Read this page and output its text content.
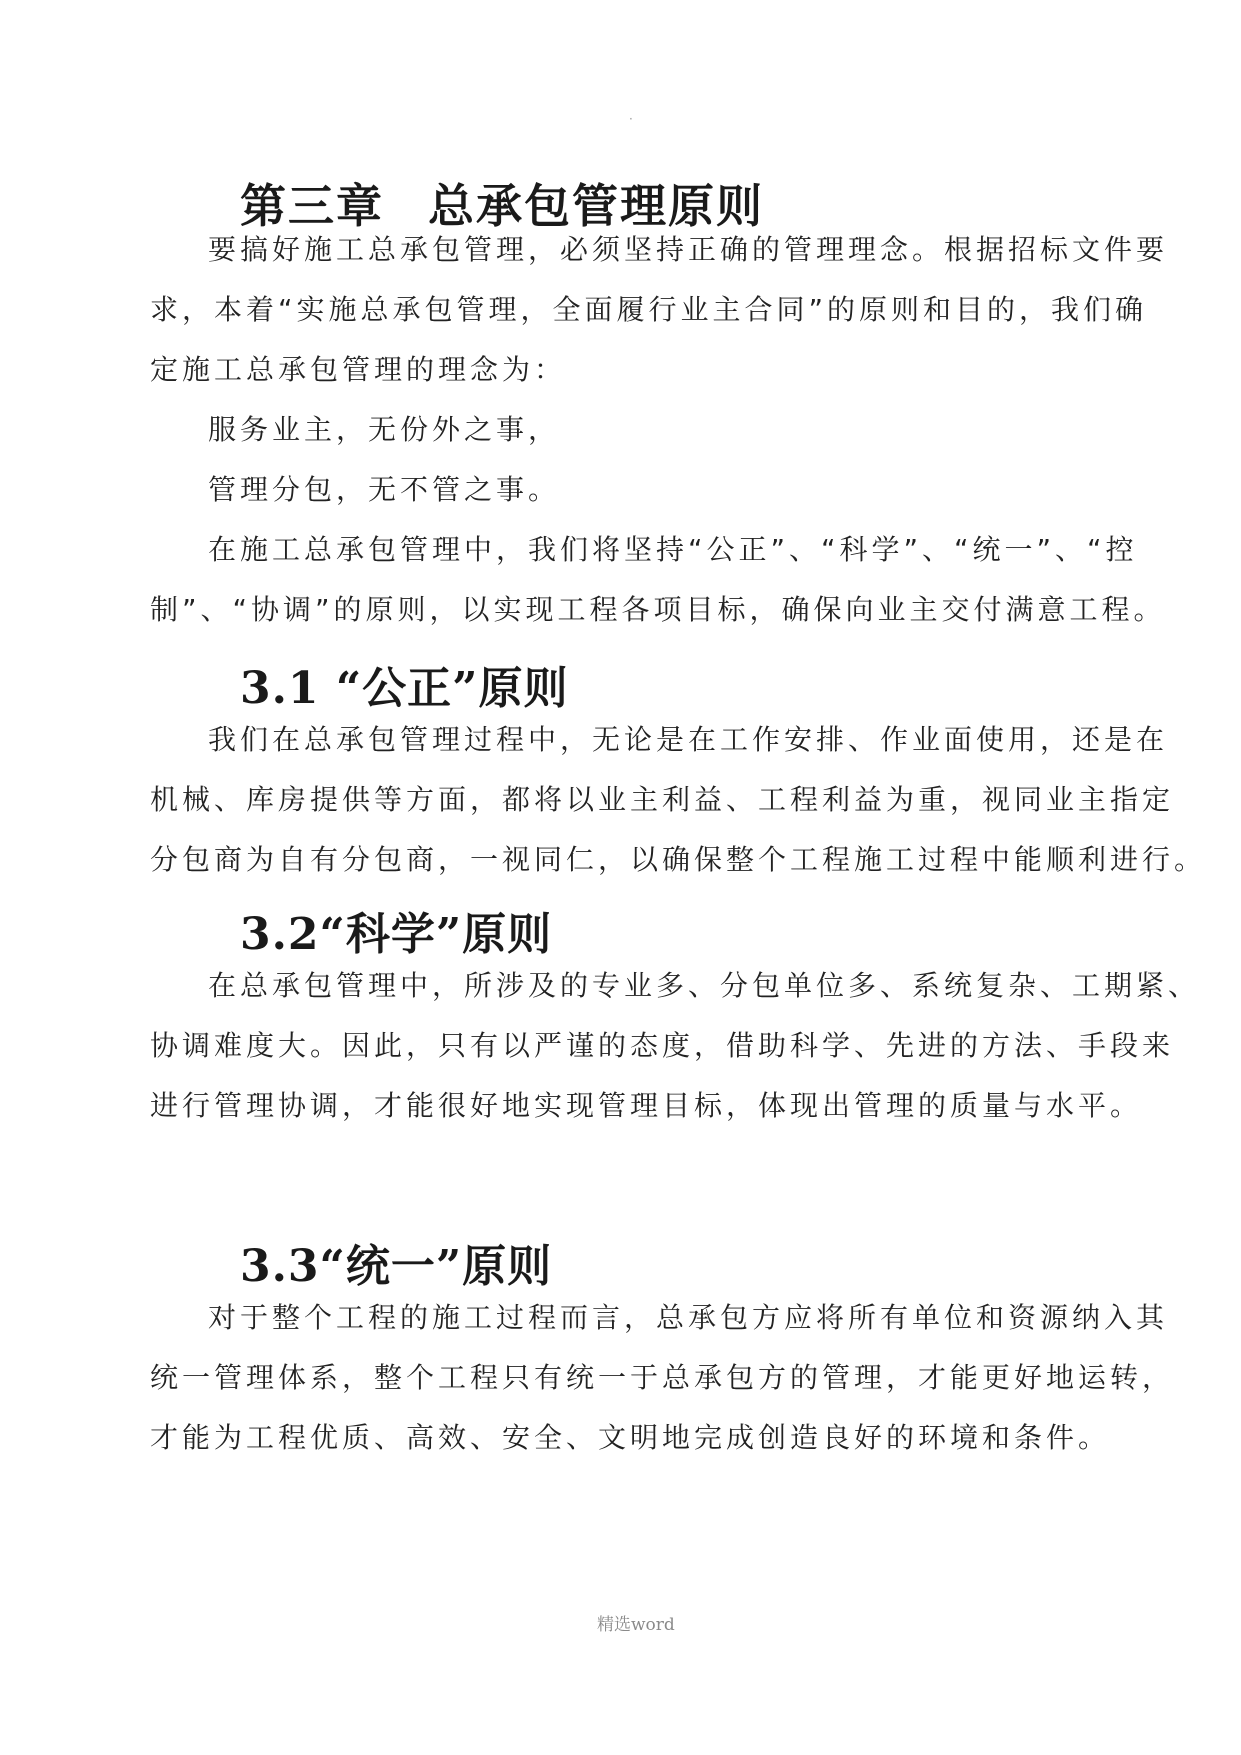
·
第三章 总承包管理原则
要搞好施工总承包管理，必须坚持正确的管理理念。根据招标文件要
求，本着“实施总承包管理，全面履行业主合同”的原则和目的，我们确
定施工总承包管理的理念为：
服务业主，无份外之事，
管理分包，无不管之事。
在施工总承包管理中，我们将坚持“公正”、“科学”、“统一”、“控
制”、“协调”的原则，以实现工程各项目标，确保向业主交付满意工程。
3.1 “公正”原则
我们在总承包管理过程中，无论是在工作安排、作业面使用，还是在
机械、库房提供等方面，都将以业主利益、工程利益为重，视同业主指定
分包商为自有分包商，一视同仁，以确保整个工程施工过程中能顺利进行。
3.2“科学”原则
在总承包管理中，所涉及的专业多、分包单位多、系统复杂、工期紧、
协调难度大。因此，只有以严谨的态度，借助科学、先进的方法、手段来
进行管理协调，才能很好地实现管理目标，体现出管理的质量与水平。
3.3“统一”原则
对于整个工程的施工过程而言，总承包方应将所有单位和资源纳入其
统一管理体系，整个工程只有统一于总承包方的管理，才能更好地运转，
才能为工程优质、高效、安全、文明地完成创造良好的环境和条件。
精选word
